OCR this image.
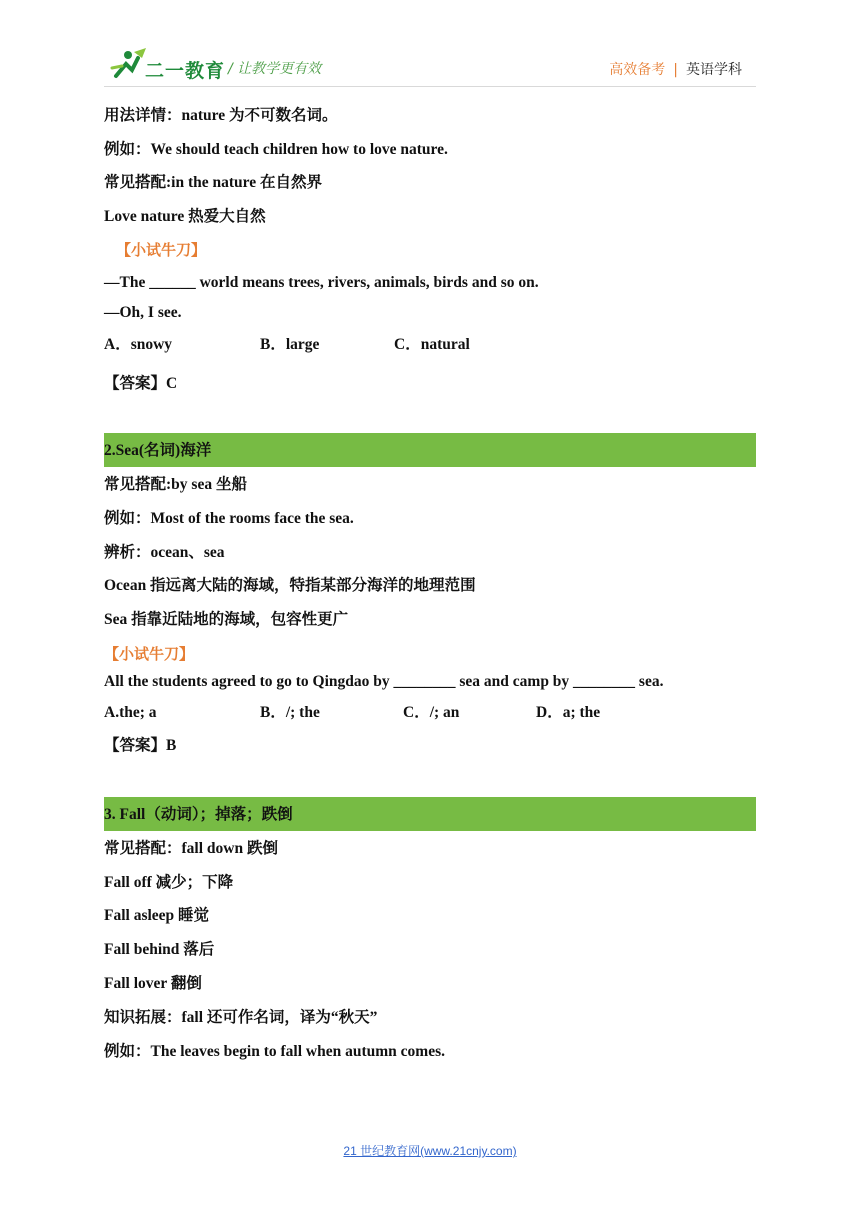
二一教育 / 让教学更有效	高效备考 | 英语学科
用法详情：nature 为不可数名词。
例如：We should teach children how to love nature.
常见搭配:in the nature 在自然界
Love nature 热爱大自然
【小试牛刀】
—The ______ world means trees, rivers, animals, birds and so on.
—Oh, I see.
A．snowy	B．large	C．natural
【答案】C
2.Sea(名词)海洋
常见搭配:by sea 坐船
例如：Most of the rooms face the sea.
辨析：ocean、sea
Ocean 指远离大陆的海域，特指某部分海洋的地理范围
Sea 指靠近陆地的海域，包容性更广
【小试牛刀】
All the students agreed to go to Qingdao by ________ sea and camp by ________ sea.
A.the; a	B．/; the	C．/; an	D．a; the
【答案】B
3. Fall（动词）；掉落；跌倒
常见搭配：fall down 跌倒
Fall off 减少；下降
Fall asleep 睡觉
Fall behind 落后
Fall lover 翻倒
知识拓展：fall 还可作名词，译为“秋天”
例如：The leaves begin to fall when autumn comes.
21 世纪教育网(www.21cnjy.com)
